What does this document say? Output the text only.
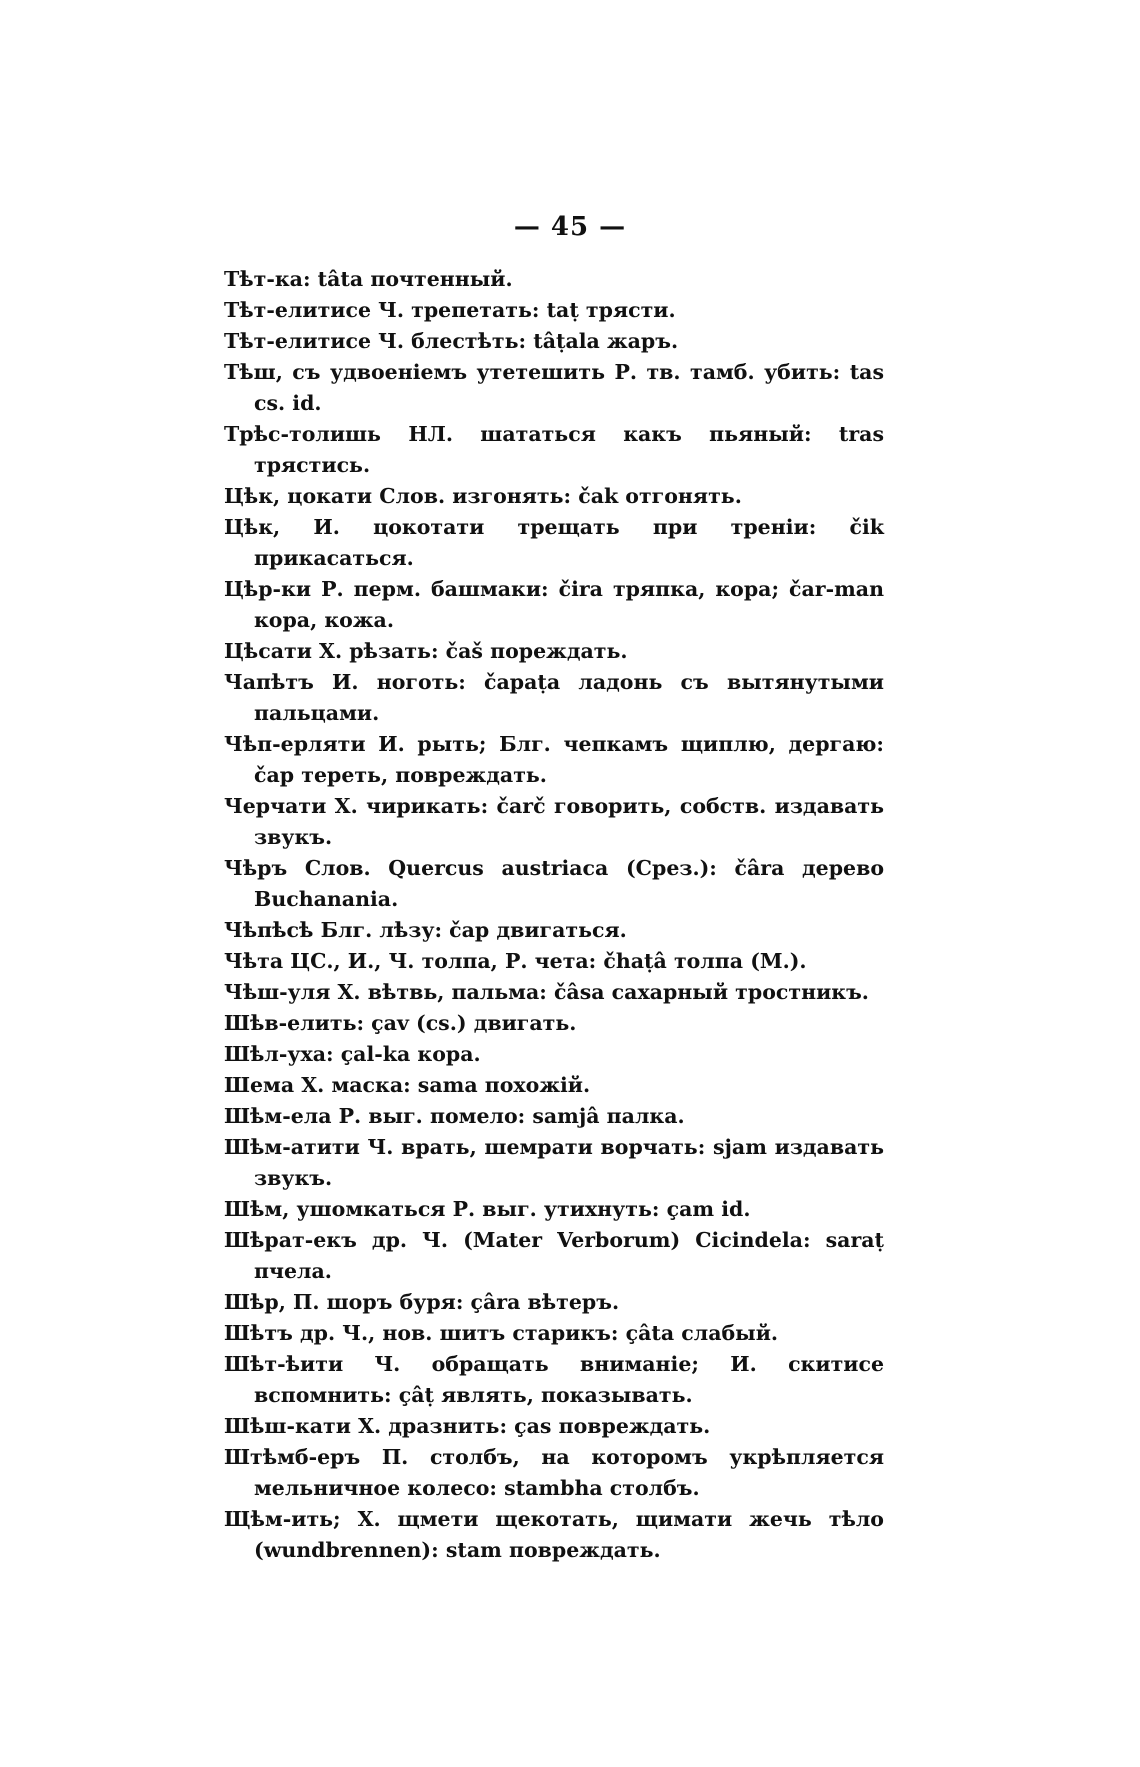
— 45 —
Тѣт-ка: tâta почтенный.
Тѣт-елитисе Ч. трепетать: taṭ трясти.
Тѣт-елитисе Ч. блестѣть: tâṭala жаръ.
Тѣш, съ удвоеніемъ утетешить Р. тв. тамб. убить: tas cs. id.
Трѣс-толишь НЛ. шататься какъ пьяный: tras трястись.
Цѣк, цокати Слов. изгонять: čak отгонять.
Цѣк, И. цокотати трещать при треніи: čik прикасаться.
Цѣр-ки Р. перм. башмаки: čira тряпка, кора; čar-man кора, кожа.
Цѣсати Х. рѣзать: čaš пореждать.
Чапѣтъ И. ноготь: čapaṭa ладонь съ вытянутыми пальцами.
Чѣп-ерляти И. рыть; Блг. чепкамъ щиплю, дергаю: čap тереть, повреждать.
Черчати Х. чирикать: čarč говорить, собств. издавать звукъ.
Чѣръ Слов. Quercus austriaca (Срез.): čâra дерево Buchanania.
Чѣпѣсѣ Блг. лѣзу: čap двигаться.
Чѣта ЦС., И., Ч. толпа, Р. чета: čhaṭâ толпа (М.).
Чѣш-уля Х. вѣтвь, пальма: čâsa сахарный тростникъ.
Шѣв-елить: çav (cs.) двигать.
Шѣл-уха: çal-ka кора.
Шема Х. маска: sama похожій.
Шѣм-ела Р. выг. помело: samjâ палка.
Шѣм-атити Ч. врать, шемрати ворчать: sjam издавать звукъ.
Шѣм, ушомкаться Р. выг. утихнуть: çam id.
Шѣрат-екъ др. Ч. (Mater Verborum) Cicindela: saraṭ пчела.
Шѣр, П. шоръ буря: çâra вѣтеръ.
Шѣтъ др. Ч., нов. шитъ старикъ: çâta слабый.
Шѣт-ѣити Ч. обращать вниманіе; И. скитисе вспомнить: çâṭ являть, показывать.
Шѣш-кати Х. дразнить: ças повреждать.
Штѣмб-еръ П. столбъ, на которомъ укрѣпляется мельничное колесо: stambha столбъ.
Щѣм-ить; Х. щмети щекотать, щимати жечь тѣло (wundbrennen): stam повреждать.
